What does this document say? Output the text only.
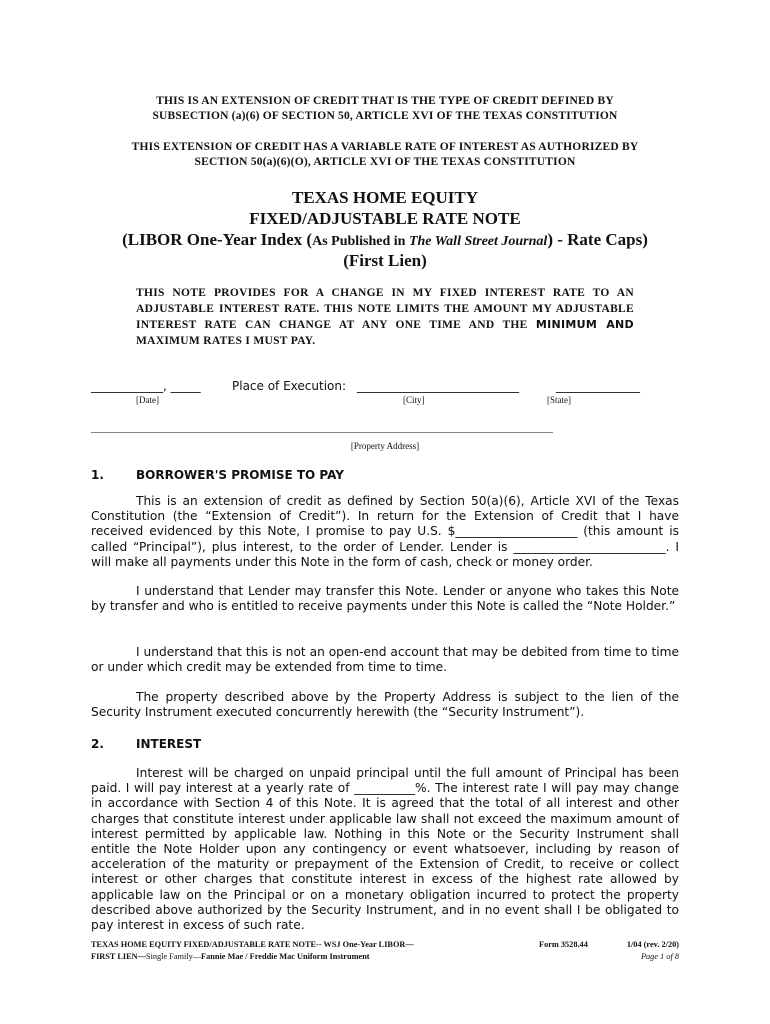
THIS IS AN EXTENSION OF CREDIT THAT IS THE TYPE OF CREDIT DEFINED BY
SUBSECTION (a)(6) OF SECTION 50, ARTICLE XVI OF THE TEXAS CONSTITUTION
THIS EXTENSION OF CREDIT HAS A VARIABLE RATE OF INTEREST AS AUTHORIZED BY
SECTION 50(a)(6)(O), ARTICLE XVI OF THE TEXAS CONSTITUTION
TEXAS HOME EQUITY
FIXED/ADJUSTABLE RATE NOTE
(LIBOR One-Year Index (As Published in The Wall Street Journal) - Rate Caps)
(First Lien)
THIS NOTE PROVIDES FOR A CHANGE IN MY FIXED INTEREST RATE TO AN ADJUSTABLE INTEREST RATE. THIS NOTE LIMITS THE AMOUNT MY ADJUSTABLE INTEREST RATE CAN CHANGE AT ANY ONE TIME AND THE MINIMUM AND MAXIMUM RATES I MUST PAY.
____________, _____	Place of Execution: ___________________________	______________
[Date]	[City]	[State]
____________________________________________________________________________________
[Property Address]
1.	BORROWER'S PROMISE TO PAY
This is an extension of credit as defined by Section 50(a)(6), Article XVI of the Texas Constitution (the “Extension of Credit”). In return for the Extension of Credit that I have received evidenced by this Note, I promise to pay U.S. $____________________ (this amount is called “Principal”), plus interest, to the order of Lender. Lender is _________________________. I will make all payments under this Note in the form of cash, check or money order.
I understand that Lender may transfer this Note. Lender or anyone who takes this Note by transfer and who is entitled to receive payments under this Note is called the “Note Holder.”
I understand that this is not an open-end account that may be debited from time to time or under which credit may be extended from time to time.
The property described above by the Property Address is subject to the lien of the Security Instrument executed concurrently herewith (the “Security Instrument”).
2.	INTEREST
Interest will be charged on unpaid principal until the full amount of Principal has been paid. I will pay interest at a yearly rate of __________%. The interest rate I will pay may change in accordance with Section 4 of this Note. It is agreed that the total of all interest and other charges that constitute interest under applicable law shall not exceed the maximum amount of interest permitted by applicable law. Nothing in this Note or the Security Instrument shall entitle the Note Holder upon any contingency or event whatsoever, including by reason of acceleration of the maturity or prepayment of the Extension of Credit, to receive or collect interest or other charges that constitute interest in excess of the highest rate allowed by applicable law on the Principal or on a monetary obligation incurred to protect the property described above authorized by the Security Instrument, and in no event shall I be obligated to pay interest in excess of such rate.
TEXAS HOME EQUITY FIXED/ADJUSTABLE RATE NOTE-- WSJ One-Year LIBOR—
FIRST LIEN—Single Family—Fannie Mae / Freddie Mac Uniform Instrument
Form 3528.44	1/04 (rev. 2/20)
Page 1 of 8
